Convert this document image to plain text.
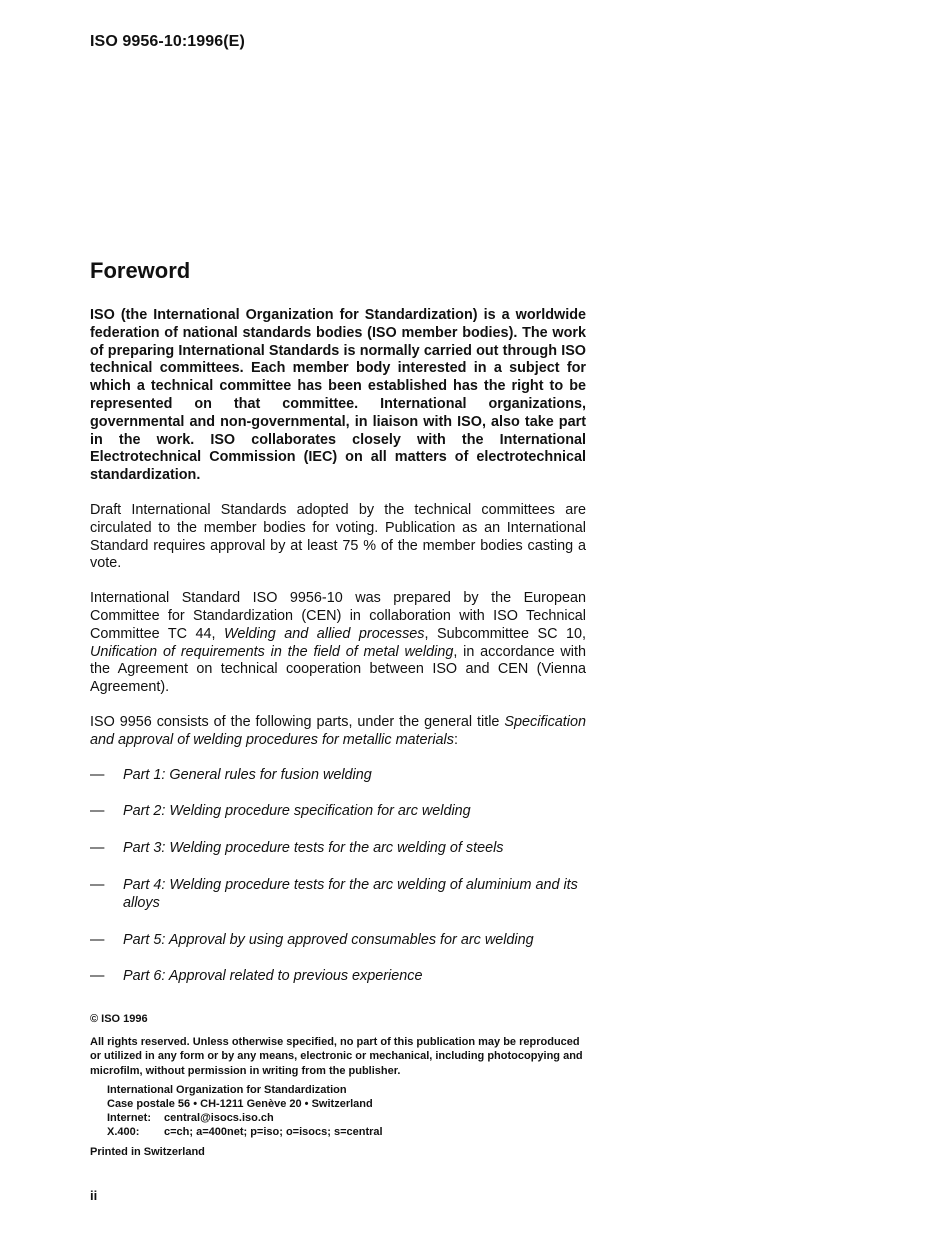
ISO 9956-10:1996(E)
Foreword

ISO (the International Organization for Standardization) is a worldwide federation of national standards bodies (ISO member bodies). The work of preparing International Standards is normally carried out through ISO technical committees. Each member body interested in a subject for which a technical committee has been established has the right to be represented on that committee. International organizations, governmental and non-governmental, in liaison with ISO, also take part in the work. ISO collaborates closely with the International Electrotechnical Commission (IEC) on all matters of electrotechnical standardization.

Draft International Standards adopted by the technical committees are circulated to the member bodies for voting. Publication as an International Standard requires approval by at least 75 % of the member bodies casting a vote.

International Standard ISO 9956-10 was prepared by the European Committee for Standardization (CEN) in collaboration with ISO Technical Committee TC 44, Welding and allied processes, Subcommittee SC 10, Unification of requirements in the field of metal welding, in accordance with the Agreement on technical cooperation between ISO and CEN (Vienna Agreement).

ISO 9956 consists of the following parts, under the general title Specification and approval of welding procedures for metallic materials:

— Part 1: General rules for fusion welding
— Part 2: Welding procedure specification for arc welding
— Part 3: Welding procedure tests for the arc welding of steels
— Part 4: Welding procedure tests for the arc welding of aluminium and its alloys
— Part 5: Approval by using approved consumables for arc welding
— Part 6: Approval related to previous experience
© ISO 1996
All rights reserved. Unless otherwise specified, no part of this publication may be reproduced or utilized in any form or by any means, electronic or mechanical, including photocopying and microfilm, without permission in writing from the publisher.
International Organization for Standardization
Case postale 56 • CH-1211 Genève 20 • Switzerland
Internet: central@isocs.iso.ch
X.400: c=ch; a=400net; p=iso; o=isocs; s=central
Printed in Switzerland
ii
